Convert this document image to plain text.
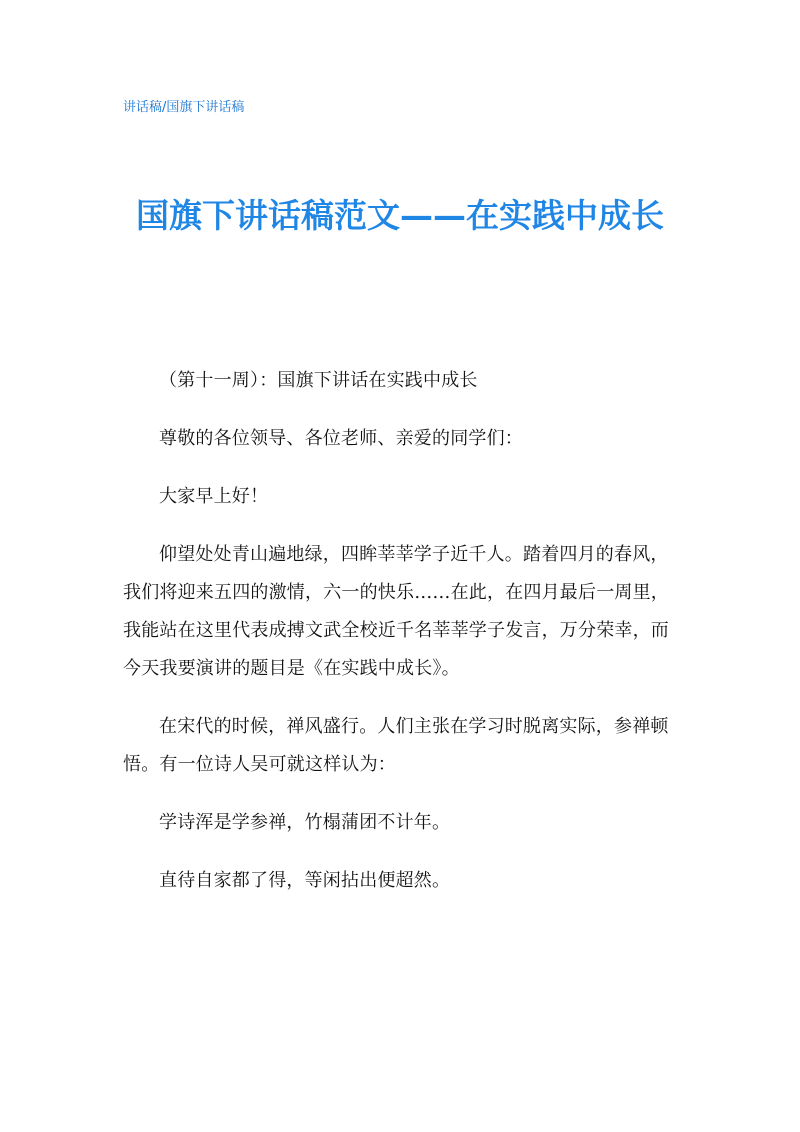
讲话稿/国旗下讲话稿
国旗下讲话稿范文——在实践中成长

（第十一周）：国旗下讲话在实践中成长

尊敬的各位领导、各位老师、亲爱的同学们：

大家早上好！

仰望处处青山遍地绿，四眸莘莘学子近千人。踏着四月的春风，我们将迎来五四的激情，六一的快乐……在此，在四月最后一周里，我能站在这里代表成搏文武全校近千名莘莘学子发言，万分荣幸，而今天我要演讲的题目是《在实践中成长》。

在宋代的时候，禅风盛行。人们主张在学习时脱离实际，参禅顿悟。有一位诗人吴可就这样认为：

学诗浑是学参禅，竹榻蒲团不计年。

直待自家都了得，等闲拈出便超然。
